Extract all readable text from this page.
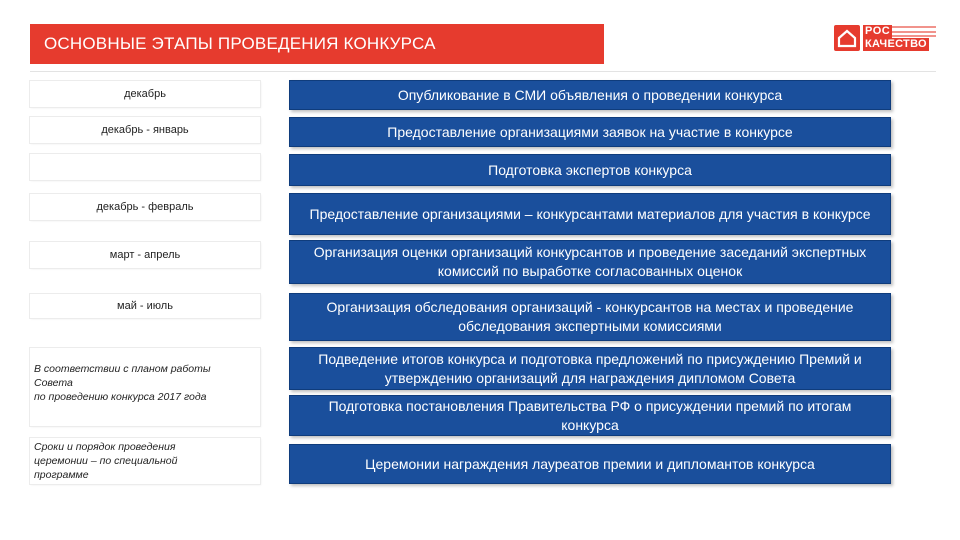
ОСНОВНЫЕ ЭТАПЫ ПРОВЕДЕНИЯ КОНКУРСА
РОС
КАЧЕСТВО
декабрь
декабрь - январь
декабрь - февраль
март - апрель
май - июль
В соответствии с планом работы
Совета
по проведению конкурса 2017 года
Сроки и порядок проведения
церемонии – по специальной
программе
Опубликование в СМИ объявления о проведении конкурса
Предоставление организациями заявок на участие в конкурсе
Подготовка экспертов конкурса
Предоставление организациями – конкурсантами материалов для участия в конкурсе
Организация оценки организаций конкурсантов и проведение заседаний экспертных комиссий по выработке согласованных оценок
Организация обследования организаций - конкурсантов на местах и проведение обследования экспертными комиссиями
Подведение итогов конкурса и подготовка предложений по присуждению Премий и утверждению организаций для награждения дипломом Совета
Подготовка постановления Правительства РФ о присуждении премий по итогам конкурса
Церемонии награждения лауреатов премии и дипломантов конкурса
